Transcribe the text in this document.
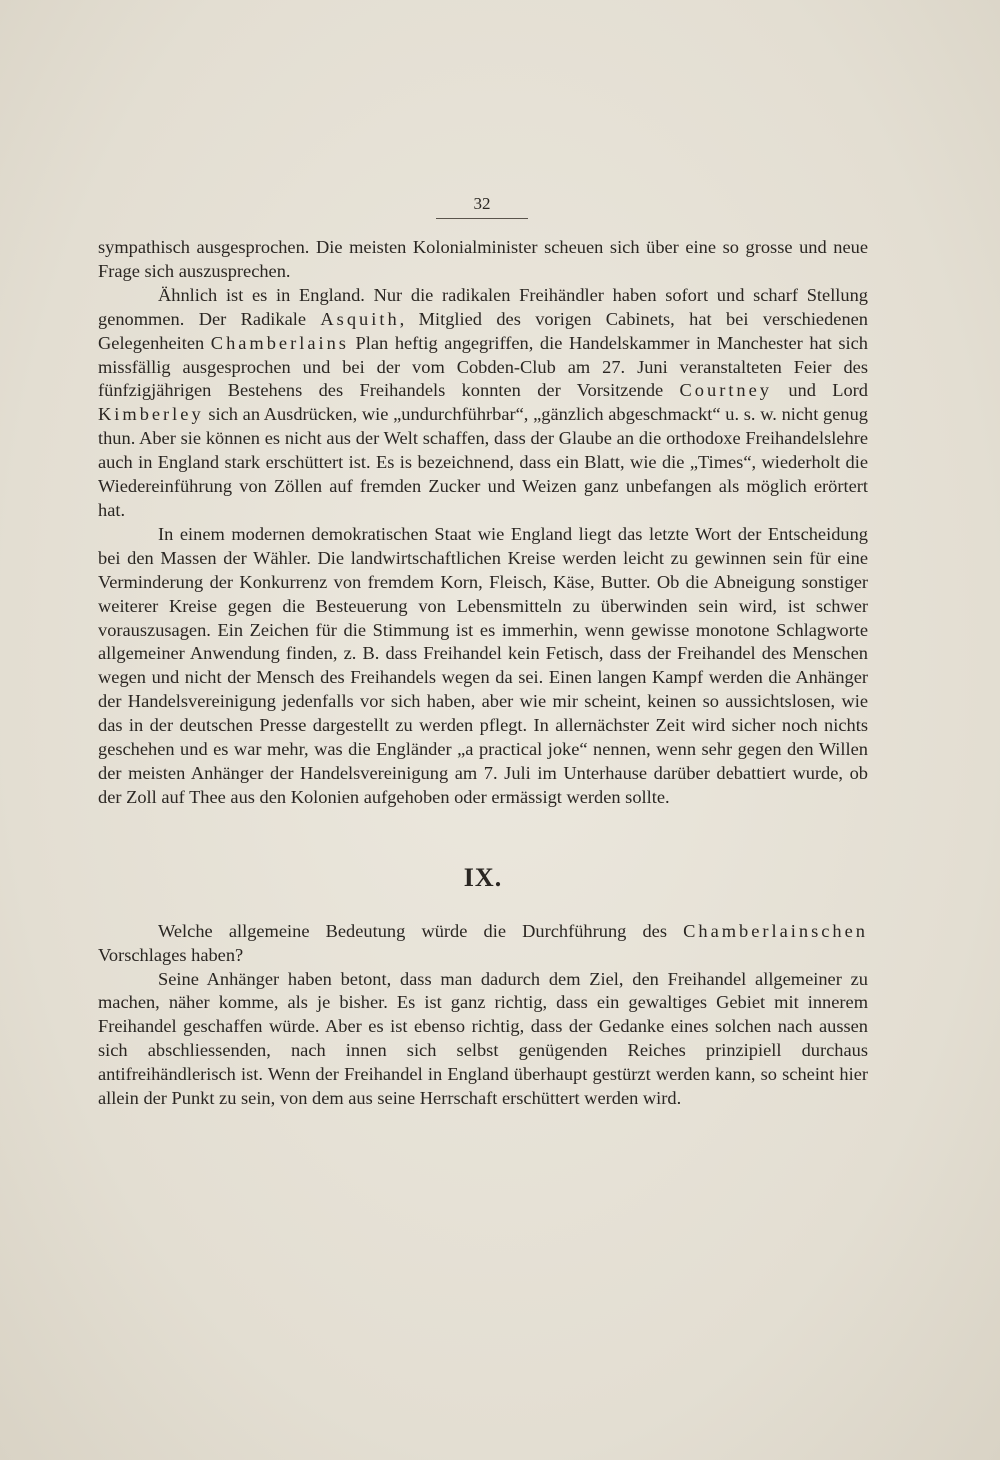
32

sympathisch ausgesprochen. Die meisten Kolonialminister scheuen sich über eine so grosse und neue Frage sich auszusprechen.

Ähnlich ist es in England. Nur die radikalen Freihändler haben sofort und scharf Stellung genommen. Der Radikale Asquith, Mitglied des vorigen Cabinets, hat bei verschiedenen Gelegenheiten Chamberlains Plan heftig angegriffen, die Handelskammer in Manchester hat sich missfällig ausgesprochen und bei der vom Cobden-Club am 27. Juni veranstalteten Feier des fünfzigjährigen Bestehens des Freihandels konnten der Vorsitzende Courtney und Lord Kimberley sich an Ausdrücken, wie „undurchführbar“, „gänzlich abgeschmackt“ u. s. w. nicht genug thun. Aber sie können es nicht aus der Welt schaffen, dass der Glaube an die orthodoxe Freihandelslehre auch in England stark erschüttert ist. Es is bezeichnend, dass ein Blatt, wie die „Times“, wiederholt die Wiedereinführung von Zöllen auf fremden Zucker und Weizen ganz unbefangen als möglich erörtert hat.

In einem modernen demokratischen Staat wie England liegt das letzte Wort der Entscheidung bei den Massen der Wähler. Die landwirtschaftlichen Kreise werden leicht zu gewinnen sein für eine Verminderung der Konkurrenz von fremdem Korn, Fleisch, Käse, Butter. Ob die Abneigung sonstiger weiterer Kreise gegen die Besteuerung von Lebensmitteln zu überwinden sein wird, ist schwer vorauszusagen. Ein Zeichen für die Stimmung ist es immerhin, wenn gewisse monotone Schlagworte allgemeiner Anwendung finden, z. B. dass Freihandel kein Fetisch, dass der Freihandel des Menschen wegen und nicht der Mensch des Freihandels wegen da sei. Einen langen Kampf werden die Anhänger der Handelsvereinigung jedenfalls vor sich haben, aber wie mir scheint, keinen so aussichtslosen, wie das in der deutschen Presse dargestellt zu werden pflegt. In allernächster Zeit wird sicher noch nichts geschehen und es war mehr, was die Engländer „a practical joke“ nennen, wenn sehr gegen den Willen der meisten Anhänger der Handelsvereinigung am 7. Juli im Unterhause darüber debattiert wurde, ob der Zoll auf Thee aus den Kolonien aufgehoben oder ermässigt werden sollte.

IX.

Welche allgemeine Bedeutung würde die Durchführung des Chamberlainschen Vorschlages haben?

Seine Anhänger haben betont, dass man dadurch dem Ziel, den Freihandel allgemeiner zu machen, näher komme, als je bisher. Es ist ganz richtig, dass ein gewaltiges Gebiet mit innerem Freihandel geschaffen würde. Aber es ist ebenso richtig, dass der Gedanke eines solchen nach aussen sich abschliessenden, nach innen sich selbst genügenden Reiches prinzipiell durchaus antifreihändlerisch ist. Wenn der Freihandel in England überhaupt gestürzt werden kann, so scheint hier allein der Punkt zu sein, von dem aus seine Herrschaft erschüttert werden wird.
